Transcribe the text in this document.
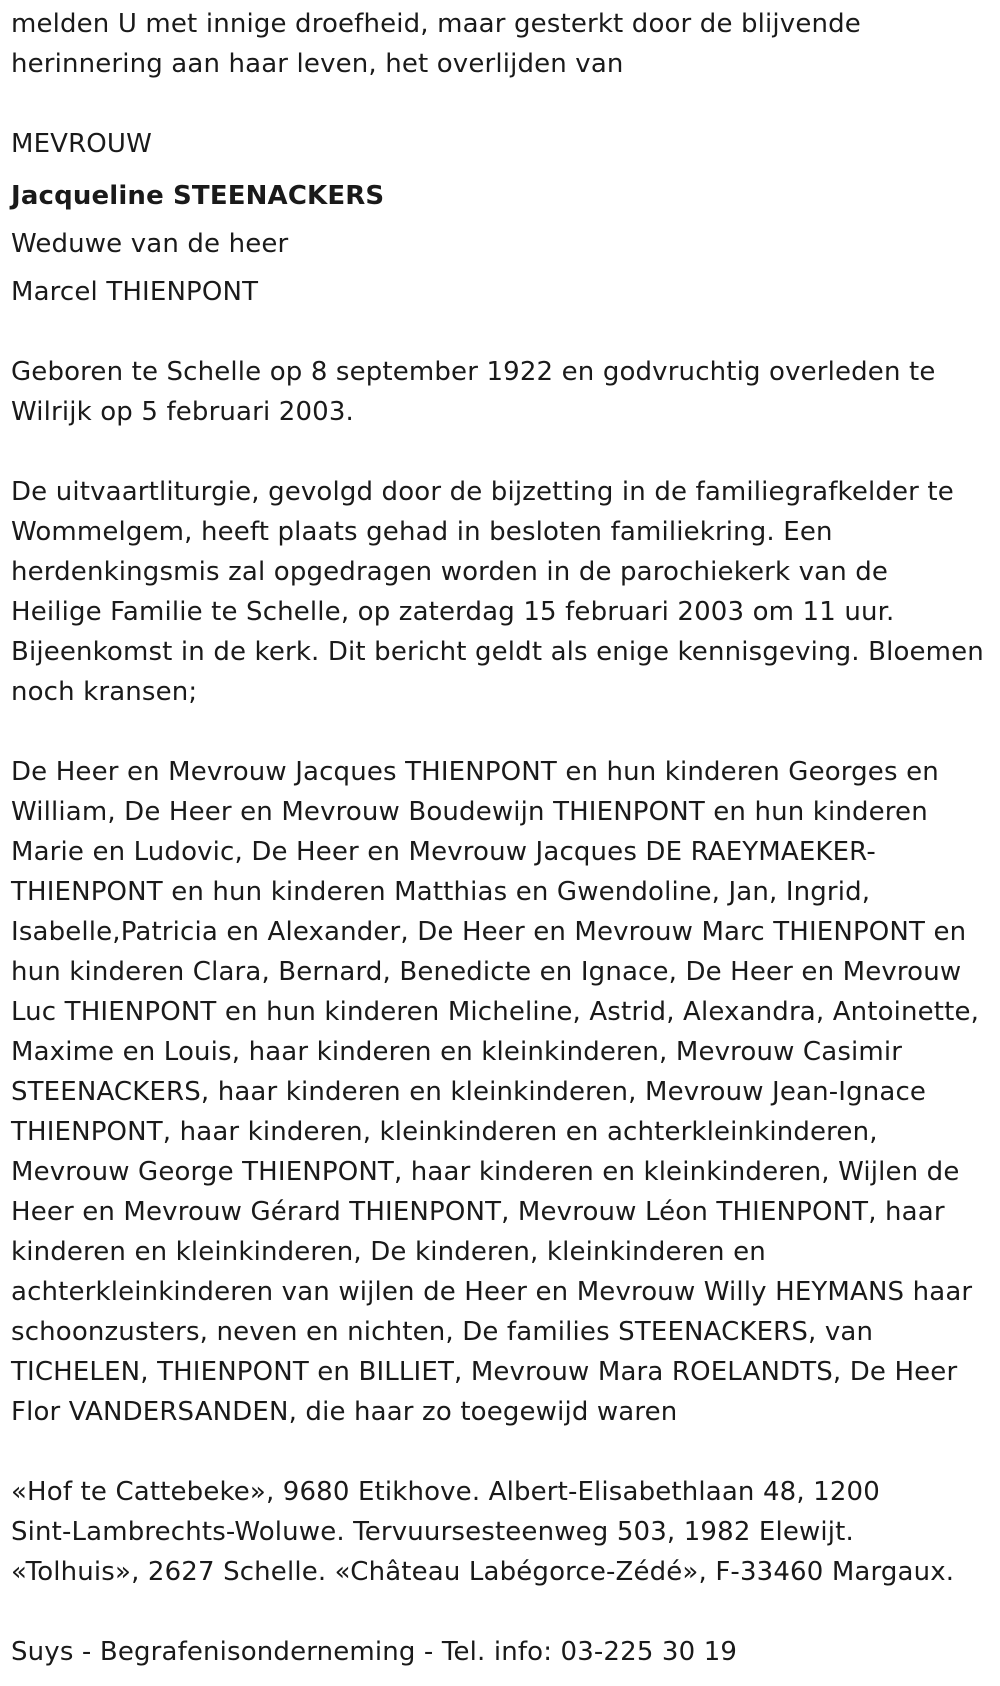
melden U met innige droefheid, maar gesterkt door de blijvende
herinnering aan haar leven, het overlijden van

MEVROUW
Jacqueline STEENACKERS
Weduwe van de heer
Marcel THIENPONT

Geboren te Schelle op 8 september 1922 en godvruchtig overleden te
Wilrijk op 5 februari 2003.

De uitvaartliturgie, gevolgd door de bijzetting in de familiegrafkelder te
Wommelgem, heeft plaats gehad in besloten familiekring. Een
herdenkingsmis zal opgedragen worden in de parochiekerk van de
Heilige Familie te Schelle, op zaterdag 15 februari 2003 om 11 uur.
Bijeenkomst in de kerk. Dit bericht geldt als enige kennisgeving. Bloemen
noch kransen;

De Heer en Mevrouw Jacques THIENPONT en hun kinderen Georges en
William, De Heer en Mevrouw Boudewijn THIENPONT en hun kinderen
Marie en Ludovic, De Heer en Mevrouw Jacques DE RAEYMAEKER-
THIENPONT en hun kinderen Matthias en Gwendoline, Jan, Ingrid,
Isabelle,Patricia en Alexander, De Heer en Mevrouw Marc THIENPONT en
hun kinderen Clara, Bernard, Benedicte en Ignace, De Heer en Mevrouw
Luc THIENPONT en hun kinderen Micheline, Astrid, Alexandra, Antoinette,
Maxime en Louis, haar kinderen en kleinkinderen, Mevrouw Casimir
STEENACKERS, haar kinderen en kleinkinderen, Mevrouw Jean-Ignace
THIENPONT, haar kinderen, kleinkinderen en achterkleinkinderen,
Mevrouw George THIENPONT, haar kinderen en kleinkinderen, Wijlen de
Heer en Mevrouw Gérard THIENPONT, Mevrouw Léon THIENPONT, haar
kinderen en kleinkinderen, De kinderen, kleinkinderen en
achterkleinkinderen van wijlen de Heer en Mevrouw Willy HEYMANS haar
schoonzusters, neven en nichten, De families STEENACKERS, van
TICHELEN, THIENPONT en BILLIET, Mevrouw Mara ROELANDTS, De Heer
Flor VANDERSANDEN, die haar zo toegewijd waren

«Hof te Cattebeke», 9680 Etikhove. Albert-Elisabethlaan 48, 1200
Sint-Lambrechts-Woluwe. Tervuursesteenweg 503, 1982 Elewijt.
«Tolhuis», 2627 Schelle. «Château Labégorce-Zédé», F-33460 Margaux.

Suys - Begrafenisonderneming - Tel. info: 03-225 30 19
